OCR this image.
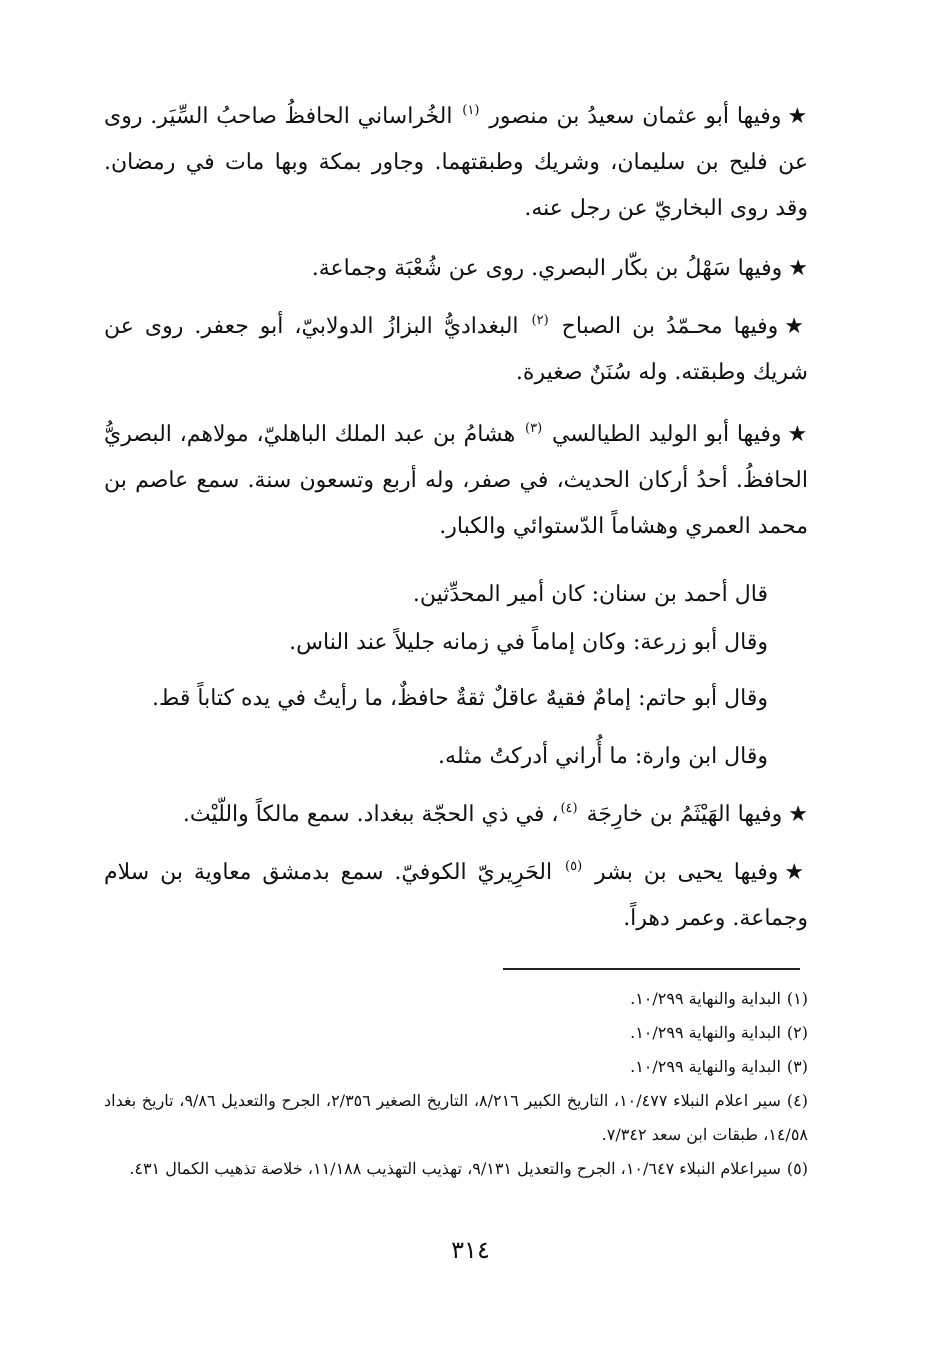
★وفيها أبو عثمان سعيدُ بن منصور $^{(١)}$ الخُراساني الحافظُ صاحبُ السِّيَر. روى عن فليح بن سليمان، وشريك وطبقتهما. وجاور بمكة وبها مات في رمضان. وقد روى البخاريّ عن رجل عنه.

★وفيها سَهْلُ بن بكّار البصري. روى عن شُعْبَة وجماعة.

★وفيها محـمّدُ بن الصباح $^{(٢)}$ البغداديُّ البزازُ الدولابيّ، أبو جعفر. روى عن شريك وطبقته. وله سُنَنٌ صغيرة.

★وفيها أبو الوليد الطيالسي $^{(٣)}$ هشامُ بن عبد الملك الباهليّ، مولاهم، البصريُّ الحافظُ. أحدُ أركان الحديث، في صفر، وله أربع وتسعون سنة. سمع عاصم بن محمد العمري وهشاماً الدّستوائي والكبار.

قال أحمد بن سنان: كان أمير المحدِّثين.

وقال أبو زرعة: وكان إماماً في زمانه جليلاً عند الناس.

وقال أبو حاتم: إمامٌ فقيهٌ عاقلٌ ثقةٌ حافظٌ، ما رأيتُ في يده كتاباً قط.

وقال ابن وارة: ما أُراني أدركتُ مثله.

★وفيها الهَيْثَمُ بن خارِجَة $^{(٤)}$، في ذي الحجّة ببغداد. سمع مالكاً واللّيْث.

★وفيها يحيى بن بشر $^{(٥)}$ الحَرِيريّ الكوفيّ. سمع بدمشق معاوية بن سلام وجماعة. وعمر دهراً.

(١)البداية والنهاية ١٠/٢٩٩.

(٢)البداية والنهاية ١٠/٢٩٩.

(٣)البداية والنهاية ١٠/٢٩٩.

(٤)سير اعلام النبلاء ١٠/٤٧٧، التاريخ الكبير ٨/٢١٦، التاريخ الصغير ٢/٣٥٦، الجرح والتعديل ٩/٨٦، تاريخ بغداد ١٤/٥٨، طبقات ابن سعد ٧/٣٤٢.

(٥)سيراعلام النبلاء ١٠/٦٤٧، الجرح والتعديل ٩/١٣١، تهذيب التهذيب ١١/١٨٨، خلاصة تذهيب الكمال ٤٣١.

٣١٤
